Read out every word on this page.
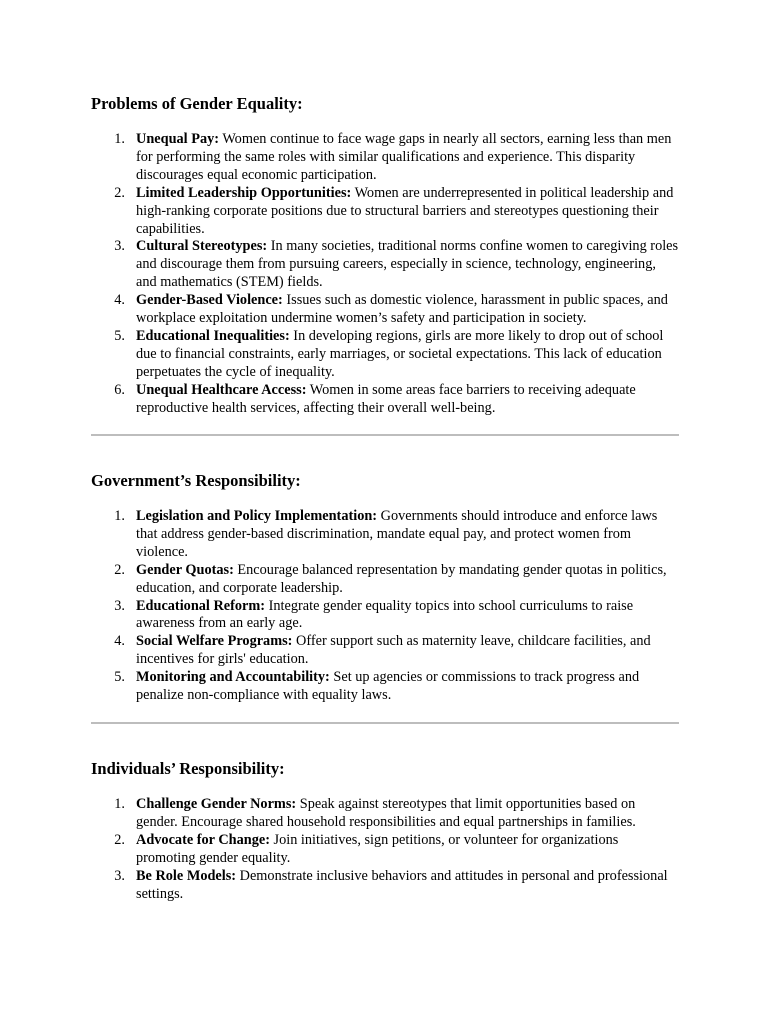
Problems of Gender Equality:
1. Unequal Pay: Women continue to face wage gaps in nearly all sectors, earning less than men for performing the same roles with similar qualifications and experience. This disparity discourages equal economic participation.
2. Limited Leadership Opportunities: Women are underrepresented in political leadership and high-ranking corporate positions due to structural barriers and stereotypes questioning their capabilities.
3. Cultural Stereotypes: In many societies, traditional norms confine women to caregiving roles and discourage them from pursuing careers, especially in science, technology, engineering, and mathematics (STEM) fields.
4. Gender-Based Violence: Issues such as domestic violence, harassment in public spaces, and workplace exploitation undermine women’s safety and participation in society.
5. Educational Inequalities: In developing regions, girls are more likely to drop out of school due to financial constraints, early marriages, or societal expectations. This lack of education perpetuates the cycle of inequality.
6. Unequal Healthcare Access: Women in some areas face barriers to receiving adequate reproductive health services, affecting their overall well-being.
Government’s Responsibility:
1. Legislation and Policy Implementation: Governments should introduce and enforce laws that address gender-based discrimination, mandate equal pay, and protect women from violence.
2. Gender Quotas: Encourage balanced representation by mandating gender quotas in politics, education, and corporate leadership.
3. Educational Reform: Integrate gender equality topics into school curriculums to raise awareness from an early age.
4. Social Welfare Programs: Offer support such as maternity leave, childcare facilities, and incentives for girls' education.
5. Monitoring and Accountability: Set up agencies or commissions to track progress and penalize non-compliance with equality laws.
Individuals’ Responsibility:
1. Challenge Gender Norms: Speak against stereotypes that limit opportunities based on gender. Encourage shared household responsibilities and equal partnerships in families.
2. Advocate for Change: Join initiatives, sign petitions, or volunteer for organizations promoting gender equality.
3. Be Role Models: Demonstrate inclusive behaviors and attitudes in personal and professional settings.
